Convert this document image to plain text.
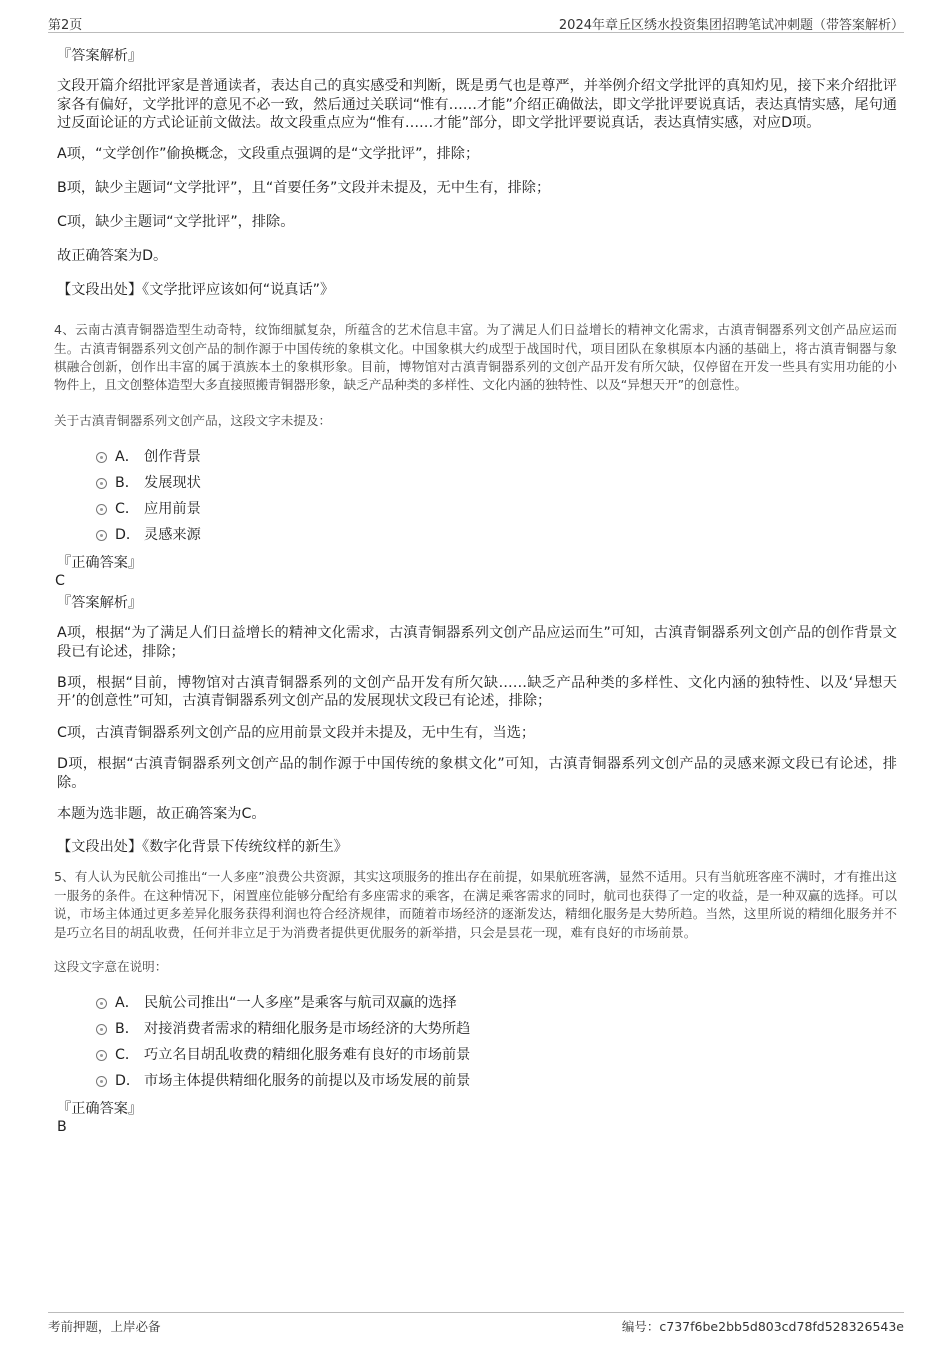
第2页	2024年章丘区绣水投资集团招聘笔试冲刺题（带答案解析）

『答案解析』

文段开篇介绍批评家是普通读者，表达自己的真实感受和判断，既是勇气也是尊严，并举例介绍文学批评的真知灼见，接下来介绍批评家各有偏好，文学批评的意见不必一致，然后通过关联词“惟有……才能”介绍正确做法，即文学批评要说真话，表达真情实感，尾句通过反面论证的方式论证前文做法。故文段重点应为“惟有……才能”部分，即文学批评要说真话，表达真情实感，对应D项。

A项，“文学创作”偷换概念，文段重点强调的是“文学批评”，排除；

B项，缺少主题词“文学批评”，且“首要任务”文段并未提及，无中生有，排除；

C项，缺少主题词“文学批评”，排除。

故正确答案为D。

【文段出处】《文学批评应该如何“说真话”》

4、云南古滇青铜器造型生动奇特，纹饰细腻复杂，所蕴含的艺术信息丰富。为了满足人们日益增长的精神文化需求，古滇青铜器系列文创产品应运而生。古滇青铜器系列文创产品的制作源于中国传统的象棋文化。中国象棋大约成型于战国时代，项目团队在象棋原本内涵的基础上，将古滇青铜器与象棋融合创新，创作出丰富的属于滇族本土的象棋形象。目前，博物馆对古滇青铜器系列的文创产品开发有所欠缺，仅停留在开发一些具有实用功能的小物件上，且文创整体造型大多直接照搬青铜器形象，缺乏产品种类的多样性、文化内涵的独特性、以及“异想天开”的创意性。

关于古滇青铜器系列文创产品，这段文字未提及：

A． 创作背景
B． 发展现状
C． 应用前景
D． 灵感来源

『正确答案』

C

『答案解析』

A项，根据“为了满足人们日益增长的精神文化需求，古滇青铜器系列文创产品应运而生”可知，古滇青铜器系列文创产品的创作背景文段已有论述，排除；

B项，根据“目前，博物馆对古滇青铜器系列的文创产品开发有所欠缺……缺乏产品种类的多样性、文化内涵的独特性、以及‘异想天开’的创意性”可知，古滇青铜器系列文创产品的发展现状文段已有论述，排除；

C项，古滇青铜器系列文创产品的应用前景文段并未提及，无中生有，当选；

D项，根据“古滇青铜器系列文创产品的制作源于中国传统的象棋文化”可知，古滇青铜器系列文创产品的灵感来源文段已有论述，排除。

本题为选非题，故正确答案为C。

【文段出处】《数字化背景下传统纹样的新生》

5、有人认为民航公司推出“一人多座”浪费公共资源，其实这项服务的推出存在前提，如果航班客满，显然不适用。只有当航班客座不满时，才有推出这一服务的条件。在这种情况下，闲置座位能够分配给有多座需求的乘客，在满足乘客需求的同时，航司也获得了一定的收益，是一种双赢的选择。可以说，市场主体通过更多差异化服务获得利润也符合经济规律，而随着市场经济的逐渐发达，精细化服务是大势所趋。当然，这里所说的精细化服务并不是巧立名目的胡乱收费，任何并非立足于为消费者提供更优服务的新举措，只会是昙花一现，难有良好的市场前景。

这段文字意在说明：

A． 民航公司推出“一人多座”是乘客与航司双赢的选择
B． 对接消费者需求的精细化服务是市场经济的大势所趋
C． 巧立名目胡乱收费的精细化服务难有良好的市场前景
D． 市场主体提供精细化服务的前提以及市场发展的前景

『正确答案』

B

考前押题，上岸必备	编号：c737f6be2bb5d803cd78fd528326543e
